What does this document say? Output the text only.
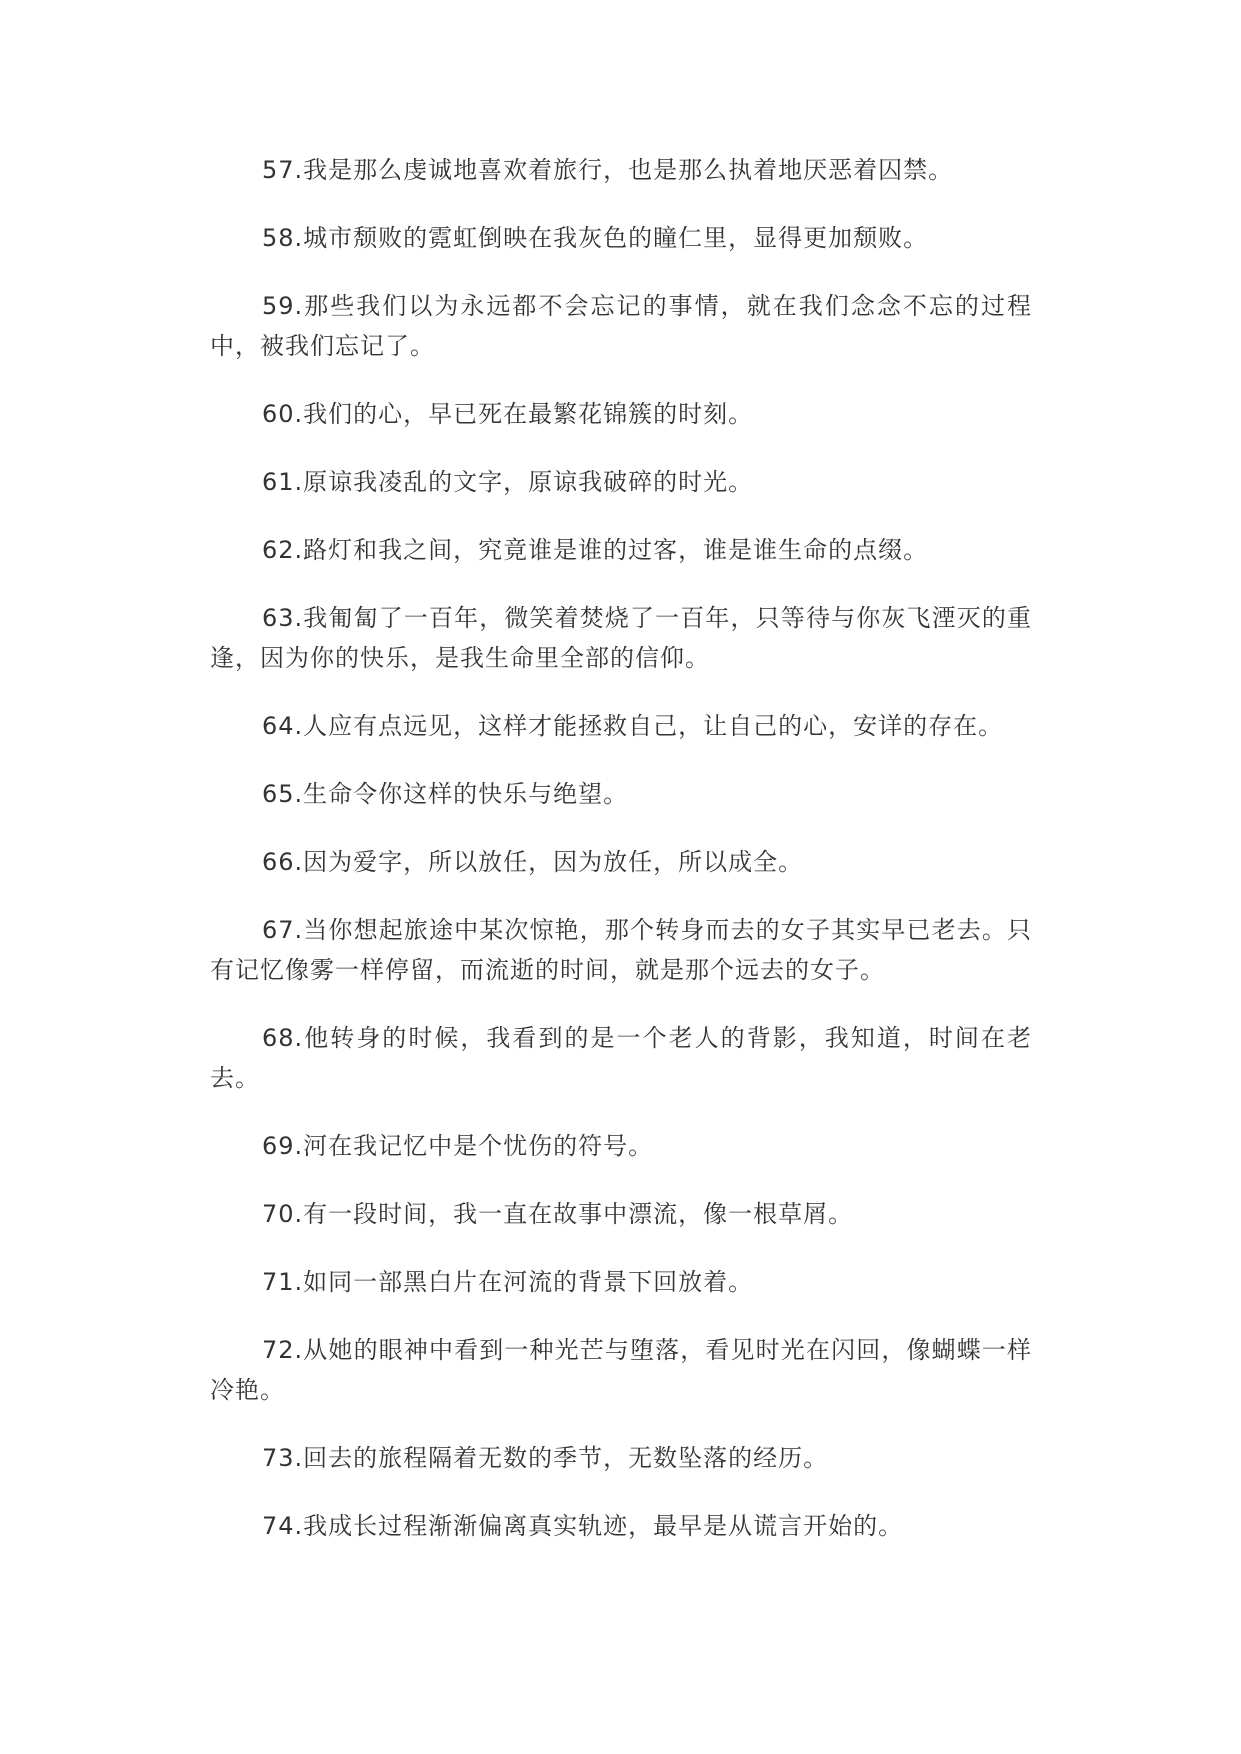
57.我是那么虔诚地喜欢着旅行，也是那么执着地厌恶着囚禁。

58.城市颓败的霓虹倒映在我灰色的瞳仁里，显得更加颓败。

59.那些我们以为永远都不会忘记的事情，就在我们念念不忘的过程中，被我们忘记了。

60.我们的心，早已死在最繁花锦簇的时刻。

61.原谅我凌乱的文字，原谅我破碎的时光。

62.路灯和我之间，究竟谁是谁的过客，谁是谁生命的点缀。

63.我匍匐了一百年，微笑着焚烧了一百年，只等待与你灰飞湮灭的重逢，因为你的快乐，是我生命里全部的信仰。

64.人应有点远见，这样才能拯救自己，让自己的心，安详的存在。

65.生命令你这样的快乐与绝望。

66.因为爱字，所以放任，因为放任，所以成全。

67.当你想起旅途中某次惊艳，那个转身而去的女子其实早已老去。只有记忆像雾一样停留，而流逝的时间，就是那个远去的女子。

68.他转身的时候，我看到的是一个老人的背影，我知道，时间在老去。

69.河在我记忆中是个忧伤的符号。

70.有一段时间，我一直在故事中漂流，像一根草屑。

71.如同一部黑白片在河流的背景下回放着。

72.从她的眼神中看到一种光芒与堕落，看见时光在闪回，像蝴蝶一样冷艳。

73.回去的旅程隔着无数的季节，无数坠落的经历。

74.我成长过程渐渐偏离真实轨迹，最早是从谎言开始的。
